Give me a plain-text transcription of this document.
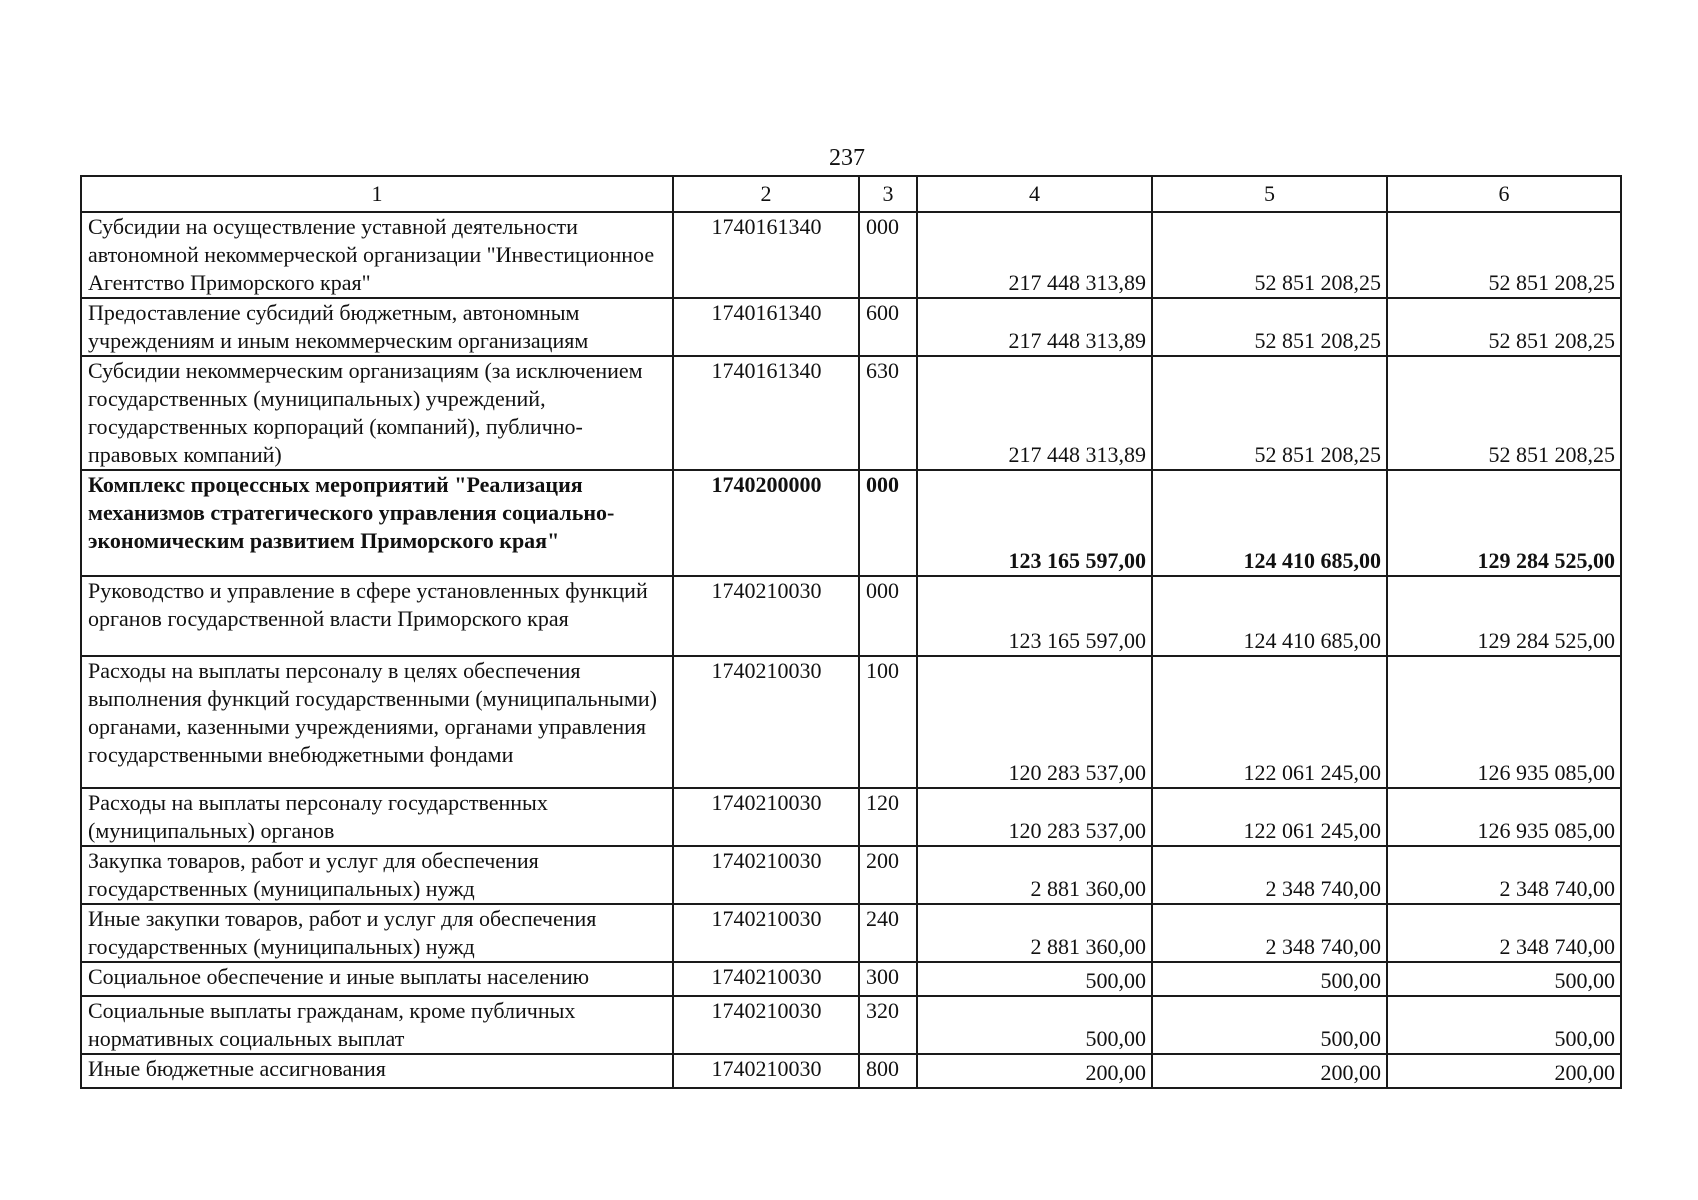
237
1	2	3	4	5	6
Субсидии на осуществление уставной деятельности автономной некоммерческой организации "Инвестиционное Агентство Приморского края"	1740161340	000	217 448 313,89	52 851 208,25	52 851 208,25
Предоставление субсидий бюджетным, автономным учреждениям и иным некоммерческим организациям	1740161340	600	217 448 313,89	52 851 208,25	52 851 208,25
Субсидии некоммерческим организациям (за исключением государственных (муниципальных) учреждений, государственных корпораций (компаний), публично-правовых компаний)	1740161340	630	217 448 313,89	52 851 208,25	52 851 208,25
Комплекс процессных мероприятий "Реализация механизмов стратегического управления социально-экономическим развитием Приморского края"	1740200000	000	123 165 597,00	124 410 685,00	129 284 525,00
Руководство и управление в сфере установленных функций органов государственной власти Приморского края	1740210030	000	123 165 597,00	124 410 685,00	129 284 525,00
Расходы на выплаты персоналу в целях обеспечения выполнения функций государственными (муниципальными) органами, казенными учреждениями, органами управления государственными внебюджетными фондами	1740210030	100	120 283 537,00	122 061 245,00	126 935 085,00
Расходы на выплаты персоналу государственных (муниципальных) органов	1740210030	120	120 283 537,00	122 061 245,00	126 935 085,00
Закупка товаров, работ и услуг для обеспечения государственных (муниципальных) нужд	1740210030	200	2 881 360,00	2 348 740,00	2 348 740,00
Иные закупки товаров, работ и услуг для обеспечения государственных (муниципальных) нужд	1740210030	240	2 881 360,00	2 348 740,00	2 348 740,00
Социальное обеспечение и иные выплаты населению	1740210030	300	500,00	500,00	500,00
Социальные выплаты гражданам, кроме публичных нормативных социальных выплат	1740210030	320	500,00	500,00	500,00
Иные бюджетные ассигнования	1740210030	800	200,00	200,00	200,00
